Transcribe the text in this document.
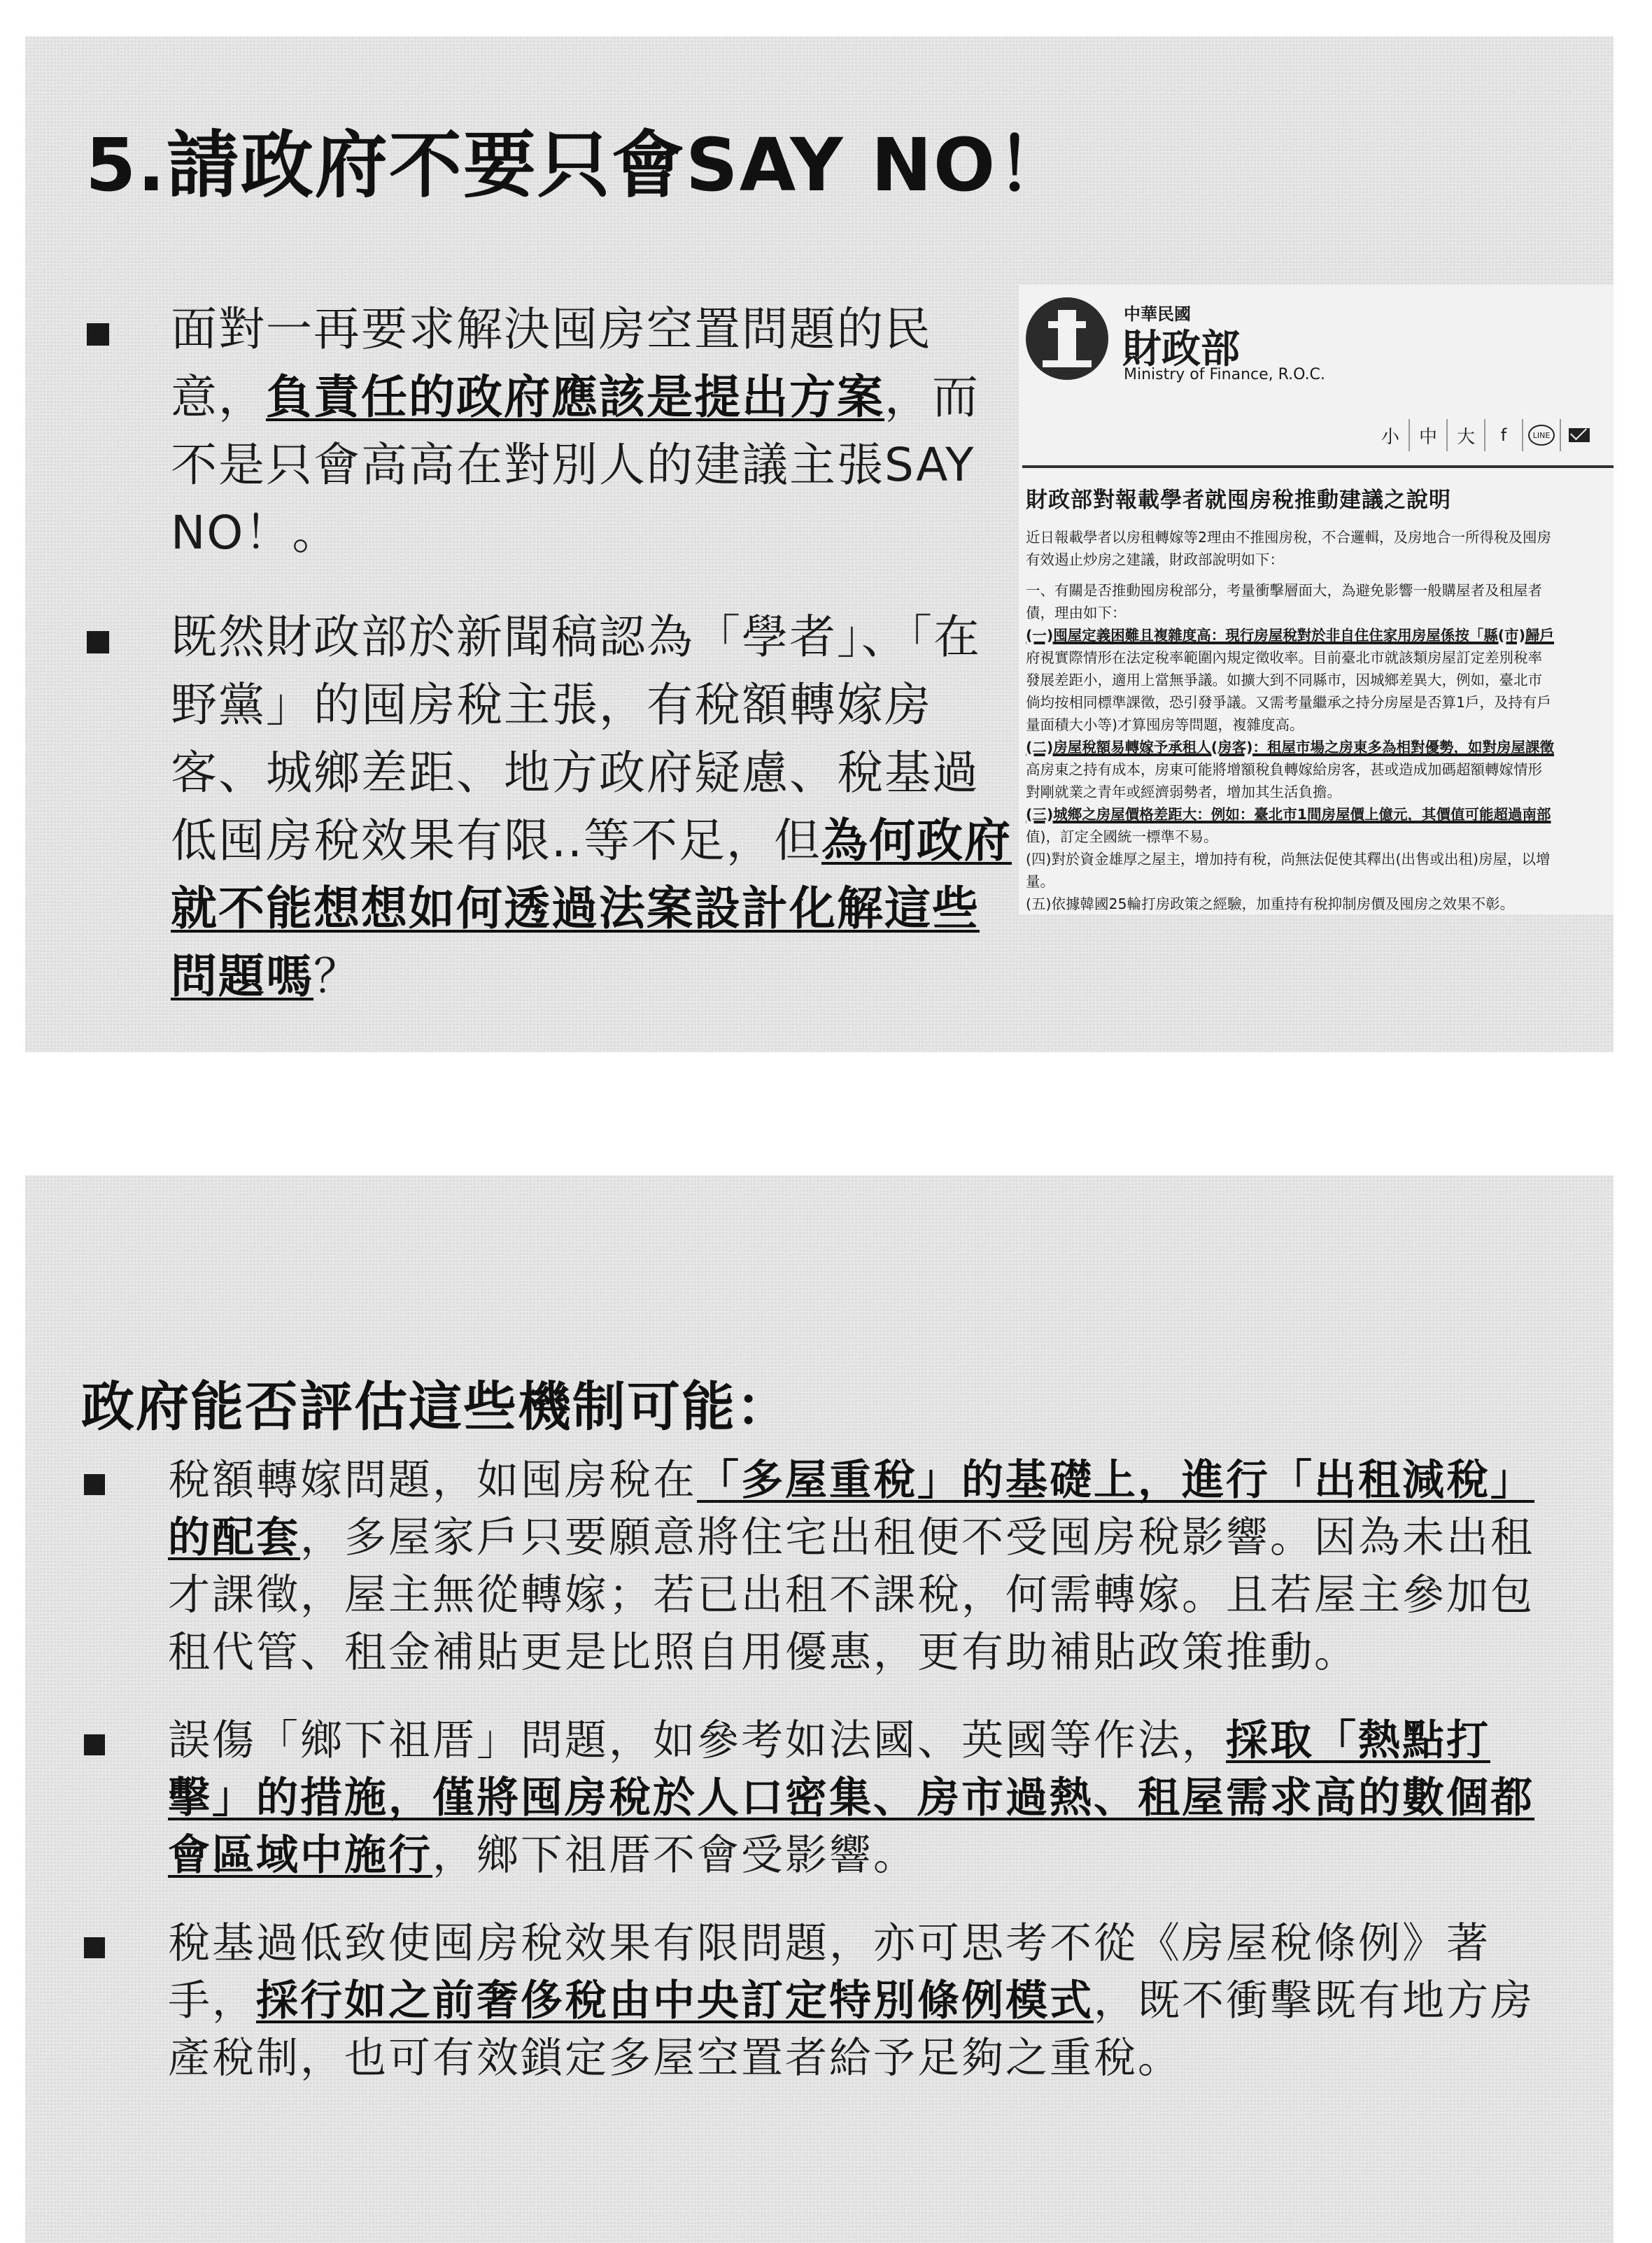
5.請政府不要只會SAY NO！
面對一再要求解決囤房空置問題的民意，負責任的政府應該是提出方案，而不是只會高高在對別人的建議主張SAY NO！。
既然財政部於新聞稿認為「學者」、「在野黨」的囤房稅主張，有稅額轉嫁房客、城鄉差距、地方政府疑慮、稅基過低囤房稅效果有限..等不足，但為何政府就不能想想如何透過法案設計化解這些問題嗎？
中華民國
財政部
Ministry of Finance, R.O.C.
小	中	大	f	LINE
財政部對報載學者就囤房稅推動建議之說明

近日報載學者以房租轉嫁等2理由不推囤房稅，不合邏輯，及房地合一所得稅及囤房

有效遏止炒房之建議，財政部說明如下：

一、有關是否推動囤房稅部分，考量衝擊層面大，為避免影響一般購屋者及租屋者

債，理由如下：

(一)囤屋定義困難且複雜度高：現行房屋稅對於非自住住家用房屋係按「縣(市)歸戶

府視實際情形在法定稅率範圍內規定徵收率。目前臺北市就該類房屋訂定差別稅率

發展差距小，適用上當無爭議。如擴大到不同縣市，因城鄉差異大，例如，臺北市

倘均按相同標準課徵，恐引發爭議。又需考量繼承之持分房屋是否算1戶，及持有戶

量面積大小等)才算囤房等問題，複雜度高。

(二)房屋稅額易轉嫁予承租人(房客)：租屋市場之房東多為相對優勢，如對房屋課徵

高房東之持有成本，房東可能將增額稅負轉嫁給房客，甚或造成加碼超額轉嫁情形

對剛就業之青年或經濟弱勢者，增加其生活負擔。

(三)城鄉之房屋價格差距大：例如：臺北市1間房屋價上億元，其價值可能超過南部

值)，訂定全國統一標準不易。

(四)對於資金雄厚之屋主，增加持有稅，尚無法促使其釋出(出售或出租)房屋，以增

量。

(五)依據韓國25輪打房政策之經驗，加重持有稅抑制房價及囤房之效果不彰。

政府能否評估這些機制可能：
稅額轉嫁問題，如囤房稅在「多屋重稅」的基礎上，進行「出租減稅」的配套，多屋家戶只要願意將住宅出租便不受囤房稅影響。因為未出租才課徵，屋主無從轉嫁；若已出租不課稅，何需轉嫁。且若屋主參加包租代管、租金補貼更是比照自用優惠，更有助補貼政策推動。
誤傷「鄉下祖厝」問題，如參考如法國、英國等作法，採取「熱點打擊」的措施，僅將囤房稅於人口密集、房市過熱、租屋需求高的數個都會區域中施行，鄉下祖厝不會受影響。
稅基過低致使囤房稅效果有限問題，亦可思考不從《房屋稅條例》著手，採行如之前奢侈稅由中央訂定特別條例模式，既不衝擊既有地方房產稅制，也可有效鎖定多屋空置者給予足夠之重稅。
